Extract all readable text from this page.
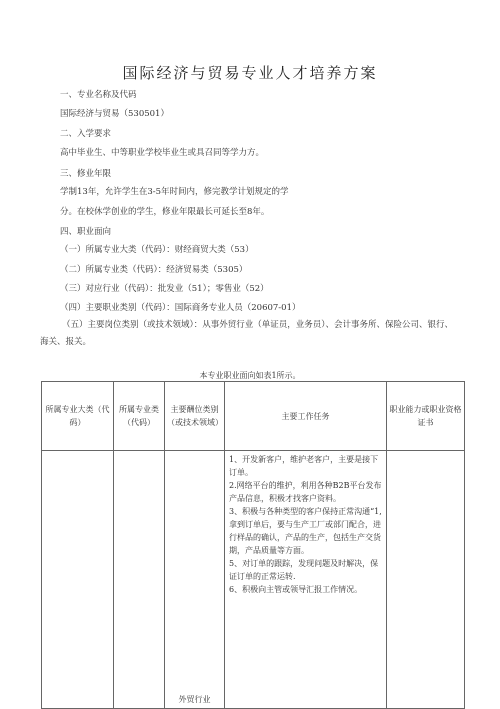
国际经济与贸易专业人才培养方案
一、专业名称及代码
国际经济与贸易（530501）
二、入学要求
高中毕业生、中等职业学校毕业生或具召同等学力方。
三、修业年限
学制13年，允许学生在3-5年时间内，修完教学计划规定的学
分。在校休学创业的学生，修业年限最长可延长至8年。
四、职业面向
（一）所属专业大类（代码）：财经商贸大类（53）
（二）所属专业类（代码）：经济贸易类（5305）
（三）对应行业（代码）：批发业（51）；零售业（52）
（四）主要职业类别（代码）：国际商务专业人员（20607-01）
（五）主要岗位类别（或技术领域）：从事外贸行业（单证员，业务员）、会计事务所、保险公司、银行、海关、报关。
本专业职业面向如表1所示。
所属专业大类（代码）	所属专业类（代码）	主要酬位类别（或技术领域）	主要工作任务	职业能力或职业资格证书
		外贸行业	1、开发新客户，维护老客户，主要是接下订单。
2.网络平台的维护，利用各种B2B平台发布产品信息，积极才找客户资料。
3、积极与各种类型的客户保持正常沟通“1,拿到订单后，要与生产工厂或部门配合，进行样品的确认，产品的生产，包括生产交货期，产品质量等方面。
5、对订单的跟踪，发现问题及时解决，保证订单的正常运转.
6、积极向主管或领导汇报工作情况。	
